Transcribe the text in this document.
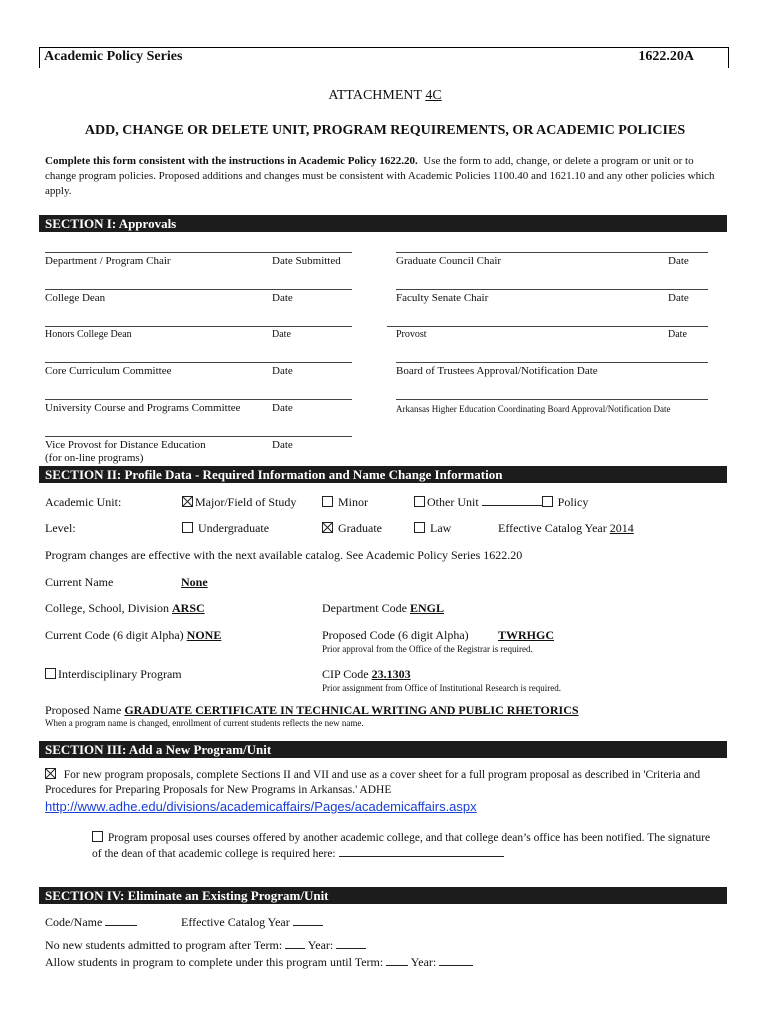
Academic Policy Series	1622.20A
ATTACHMENT 4C
ADD, CHANGE OR DELETE UNIT, PROGRAM REQUIREMENTS, OR ACADEMIC POLICIES
Complete this form consistent with the instructions in Academic Policy 1622.20. Use the form to add, change, or delete a program or unit or to change program policies. Proposed additions and changes must be consistent with Academic Policies 1100.40 and 1621.10 and any other policies which apply.
SECTION I: Approvals
Department / Program Chair	Date Submitted	Graduate Council Chair	Date
College Dean	Date	Faculty Senate Chair	Date
Honors College Dean	Date	Provost	Date
Core Curriculum Committee	Date	Board of Trustees Approval/Notification Date
University Course and Programs Committee	Date	Arkansas Higher Education Coordinating Board Approval/Notification Date
Vice Provost for Distance Education	Date
(for on-line programs)
SECTION II: Profile Data - Required Information and Name Change Information
Academic Unit:	Major/Field of Study	Minor	Other Unit	Policy
Level:	Undergraduate	Graduate	Law	Effective Catalog Year 2014
Program changes are effective with the next available catalog. See Academic Policy Series 1622.20
Current Name	None
College, School, Division ARSC	Department Code ENGL
Current Code (6 digit Alpha) NONE	Proposed Code (6 digit Alpha) TWRHGC
Prior approval from the Office of the Registrar is required.
Interdisciplinary Program	CIP Code 23.1303
Prior assignment from Office of Institutional Research is required.
Proposed Name GRADUATE CERTIFICATE IN TECHNICAL WRITING AND PUBLIC RHETORICS
When a program name is changed, enrollment of current students reflects the new name.
SECTION III: Add a New Program/Unit
For new program proposals, complete Sections II and VII and use as a cover sheet for a full program proposal as described in 'Criteria and Procedures for Preparing Proposals for New Programs in Arkansas.' ADHE
http://www.adhe.edu/divisions/academicaffairs/Pages/academicaffairs.aspx
Program proposal uses courses offered by another academic college, and that college dean’s office has been notified. The signature of the dean of that academic college is required here:
SECTION IV: Eliminate an Existing Program/Unit
Code/Name	Effective Catalog Year
No new students admitted to program after Term:  Year:
Allow students in program to complete under this program until Term:  Year:
